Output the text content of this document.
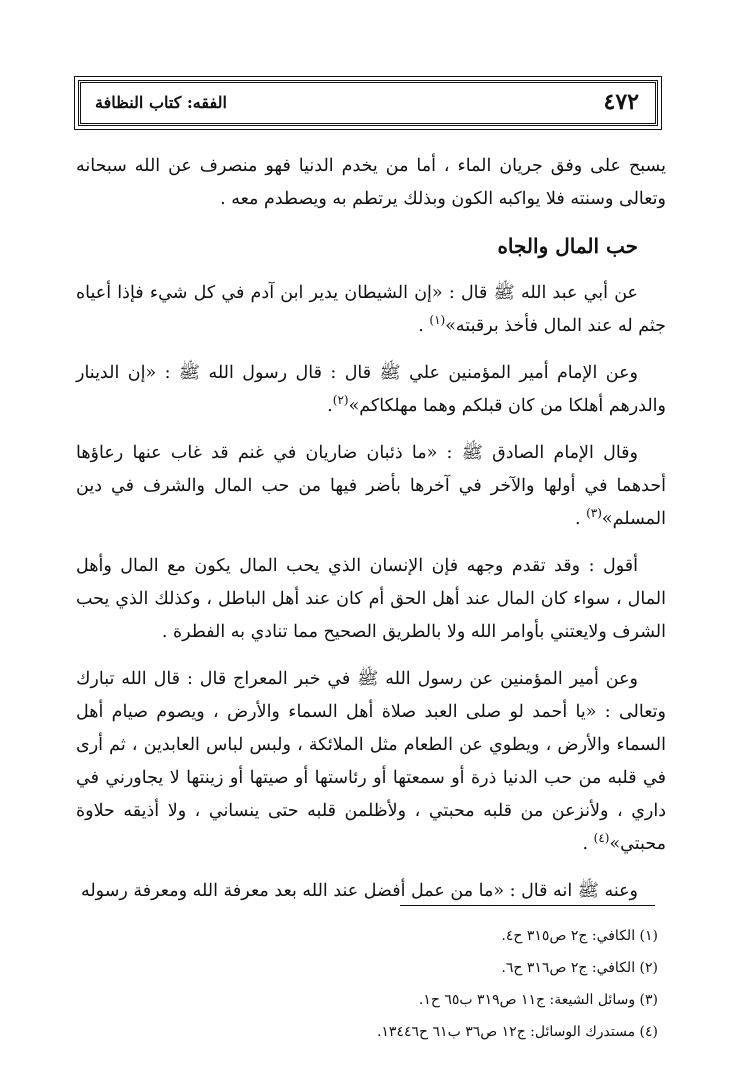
الفقه: كتاب النظافة	٤٧٢

يسبح على وفق جريان الماء ، أما من يخدم الدنيا فهو منصرف عن الله سبحانه وتعالى وسنته فلا يواكبه الكون وبذلك يرتطم به ويصطدم معه .

حب المال والجاه

عن أبي عبد الله ﷺ قال : «إن الشيطان يدير ابن آدم في كل شيء فإذا أعياه جثم له عند المال فأخذ برقبته»$^{(١)}$ .

وعن الإمام أمير المؤمنين علي ﷺ قال : قال رسول الله ﷺ : «إن الدينار والدرهم أهلكا من كان قبلكم وهما مهلكاكم»$^{(٢)}$.

وقال الإمام الصادق ﷺ : «ما ذئبان ضاريان في غنم قد غاب عنها رعاؤها أحدهما في أولها والآخر في آخرها بأضر فيها من حب المال والشرف في دين المسلم»$^{(٣)}$ .

أقول : وقد تقدم وجهه فإن الإنسان الذي يحب المال يكون مع المال وأهل المال ، سواء كان المال عند أهل الحق أم كان عند أهل الباطل ، وكذلك الذي يحب الشرف ولايعتني بأوامر الله ولا بالطريق الصحيح مما تنادي به الفطرة .

وعن أمير المؤمنين عن رسول الله ﷺ في خبر المعراج قال : قال الله تبارك وتعالى : «يا أحمد لو صلى العبد صلاة أهل السماء والأرض ، ويصوم صيام أهل السماء والأرض ، ويطوي عن الطعام مثل الملائكة ، ولبس لباس العابدين ، ثم أرى في قلبه من حب الدنيا ذرة أو سمعتها أو رئاستها أو صيتها أو زينتها لا يجاورني في داري ، ولأنزعن من قلبه محبتي ، ولأظلمن قلبه حتى ينساني ، ولا أذيقه حلاوة محبتي»$^{(٤)}$ .

وعنه ﷺ انه قال : «ما من عمل أفضل عند الله بعد معرفة الله ومعرفة رسوله

(١) الكافي: ج٢ ص٣١٥ ح٤.

(٢) الكافي: ج٢ ص٣١٦ ح٦.

(٣) وسائل الشيعة: ج١١ ص٣١٩ ب٦٥ ح١.

(٤) مستدرك الوسائل: ج١٢ ص٣٦ ب٦١ ح١٣٤٤٦.
